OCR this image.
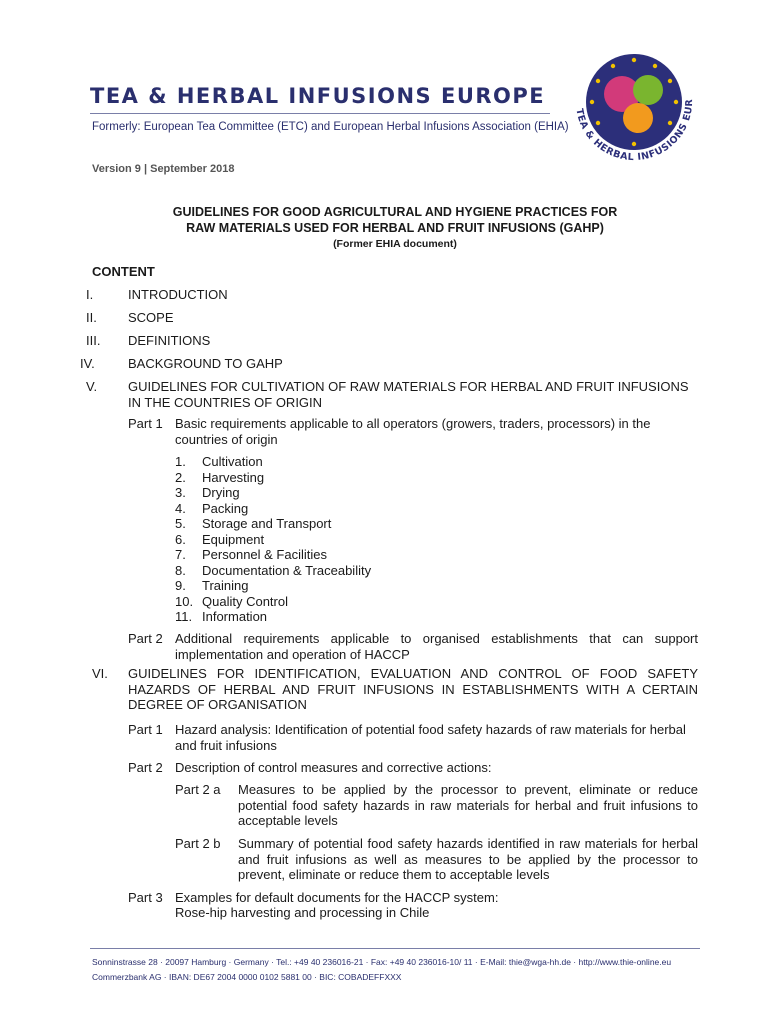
TEA & HERBAL INFUSIONS EUROPE
Formerly: European Tea Committee (ETC) and European Herbal Infusions Association (EHIA)
Version 9 | September 2018
TEA & HERBAL INFUSIONS EUR
GUIDELINES FOR GOOD AGRICULTURAL AND HYGIENE PRACTICES FOR
RAW MATERIALS USED FOR HERBAL AND FRUIT INFUSIONS (GAHP)
(Former EHIA document)
CONTENT
I.	INTRODUCTION
II.	SCOPE
III.	DEFINITIONS
IV.	BACKGROUND TO GAHP
V.	GUIDELINES FOR CULTIVATION OF RAW MATERIALS FOR HERBAL AND FRUIT INFUSIONS IN THE COUNTRIES OF ORIGIN
Part 1 Basic requirements applicable to all operators (growers, traders, processors) in the countries of origin
1.	Cultivation
2.	Harvesting
3.	Drying
4.	Packing
5.	Storage and Transport
6.	Equipment
7.	Personnel & Facilities
8.	Documentation & Traceability
9.	Training
10. Quality Control
11. Information
Part 2 Additional requirements applicable to organised establishments that can support implementation and operation of HACCP
VI.	GUIDELINES FOR IDENTIFICATION, EVALUATION AND CONTROL OF FOOD SAFETY HAZARDS OF HERBAL AND FRUIT INFUSIONS IN ESTABLISHMENTS WITH A CERTAIN DEGREE OF ORGANISATION
Part 1 Hazard analysis: Identification of potential food safety hazards of raw materials for herbal and fruit infusions
Part 2 Description of control measures and corrective actions:
Part 2 a Measures to be applied by the processor to prevent, eliminate or reduce potential food safety hazards in raw materials for herbal and fruit infusions to acceptable levels
Part 2 b Summary of potential food safety hazards identified in raw materials for herbal and fruit infusions as well as measures to be applied by the processor to prevent, eliminate or reduce them to acceptable levels
Part 3 Examples for default documents for the HACCP system:
Rose-hip harvesting and processing in Chile
Sonninstrasse 28 · 20097 Hamburg · Germany · Tel.: +49 40 236016-21 · Fax: +49 40 236016-10/ 11 · E-Mail: thie@wga-hh.de · http://www.thie-online.eu
Commerzbank AG · IBAN: DE67 2004 0000 0102 5881 00 · BIC: COBADEFFXXX
